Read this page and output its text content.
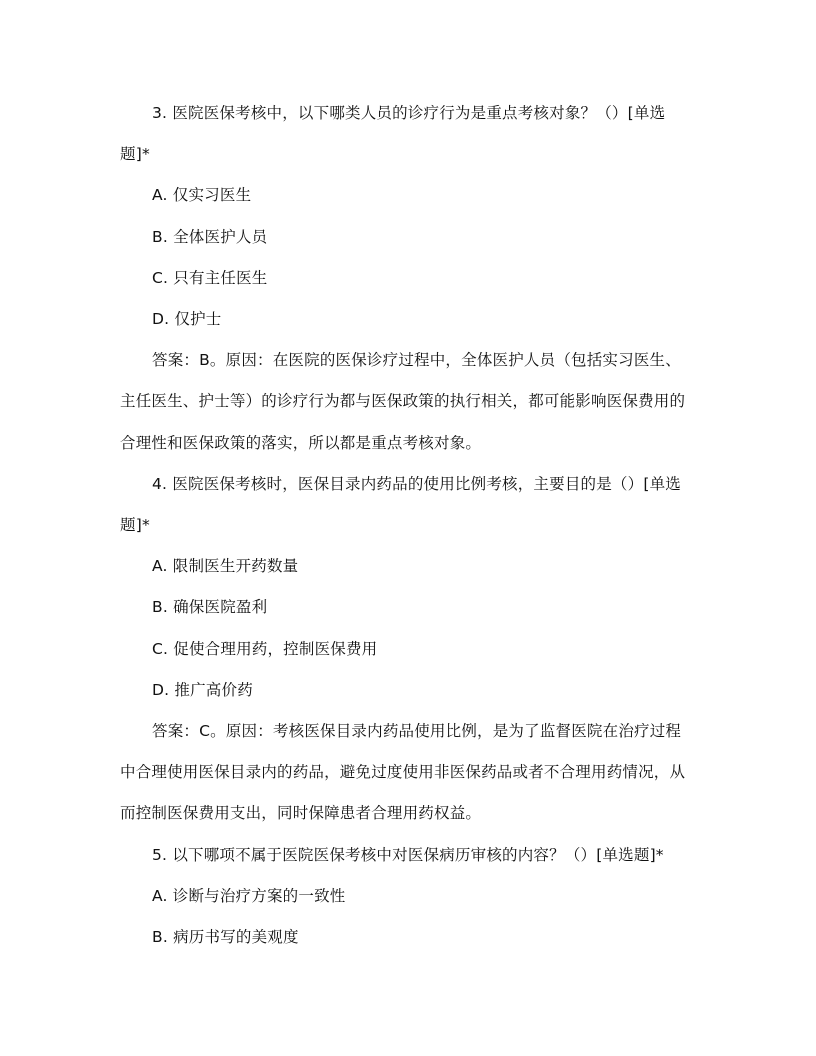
3. 医院医保考核中，以下哪类人员的诊疗行为是重点考核对象？（）[单选

题]*

A. 仅实习医生

B. 全体医护人员

C. 只有主任医生

D. 仅护士

答案：B。原因：在医院的医保诊疗过程中，全体医护人员（包括实习医生、

主任医生、护士等）的诊疗行为都与医保政策的执行相关，都可能影响医保费用的

合理性和医保政策的落实，所以都是重点考核对象。

4. 医院医保考核时，医保目录内药品的使用比例考核，主要目的是（）[单选

题]*

A. 限制医生开药数量

B. 确保医院盈利

C. 促使合理用药，控制医保费用

D. 推广高价药

答案：C。原因：考核医保目录内药品使用比例，是为了监督医院在治疗过程

中合理使用医保目录内的药品，避免过度使用非医保药品或者不合理用药情况，从

而控制医保费用支出，同时保障患者合理用药权益。

5. 以下哪项不属于医院医保考核中对医保病历审核的内容？（）[单选题]*

A. 诊断与治疗方案的一致性

B. 病历书写的美观度
